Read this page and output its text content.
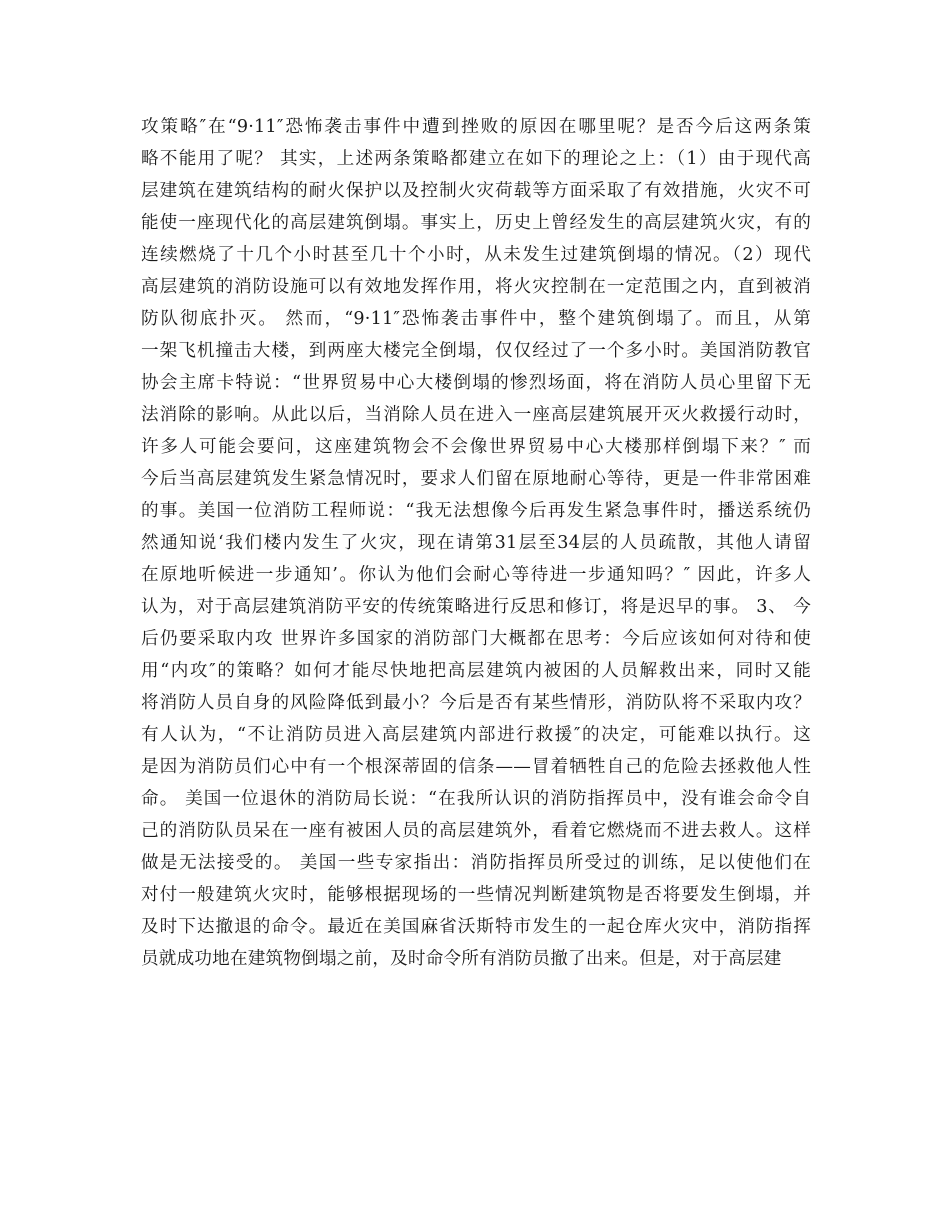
攻策略″在“9·11″恐怖袭击事件中遭到挫败的原因在哪里呢？是否今后这两条策
略不能用了呢？ 其实，上述两条策略都建立在如下的理论之上：（1）由于现代高
层建筑在建筑结构的耐火保护以及控制火灾荷载等方面采取了有效措施，火灾不可
能使一座现代化的高层建筑倒塌。事实上，历史上曾经发生的高层建筑火灾，有的
连续燃烧了十几个小时甚至几十个小时，从未发生过建筑倒塌的情况。（2）现代
高层建筑的消防设施可以有效地发挥作用，将火灾控制在一定范围之内，直到被消
防队彻底扑灭。 然而，“9·11″恐怖袭击事件中，整个建筑倒塌了。而且，从第
一架飞机撞击大楼，到两座大楼完全倒塌，仅仅经过了一个多小时。美国消防教官
协会主席卡特说：“世界贸易中心大楼倒塌的惨烈场面，将在消防人员心里留下无
法消除的影响。从此以后，当消除人员在进入一座高层建筑展开灭火救援行动时，
许多人可能会要问，这座建筑物会不会像世界贸易中心大楼那样倒塌下来？″ 而
今后当高层建筑发生紧急情况时，要求人们留在原地耐心等待，更是一件非常困难
的事。美国一位消防工程师说：“我无法想像今后再发生紧急事件时，播送系统仍
然通知说‘我们楼内发生了火灾，现在请第31层至34层的人员疏散，其他人请留
在原地听候进一步通知’。你认为他们会耐心等待进一步通知吗？″ 因此，许多人
认为，对于高层建筑消防平安的传统策略进行反思和修订，将是迟早的事。 3、 今
后仍要采取内攻 世界许多国家的消防部门大概都在思考：今后应该如何对待和使
用“内攻″的策略？如何才能尽快地把高层建筑内被困的人员解救出来，同时又能
将消防人员自身的风险降低到最小？今后是否有某些情形，消防队将不采取内攻？
有人认为，“不让消防员进入高层建筑内部进行救援″的决定，可能难以执行。这
是因为消防员们心中有一个根深蒂固的信条——冒着牺牲自己的危险去拯救他人性
命。 美国一位退休的消防局长说：“在我所认识的消防指挥员中，没有谁会命令自
己的消防队员呆在一座有被困人员的高层建筑外，看着它燃烧而不进去救人。这样
做是无法接受的。 美国一些专家指出：消防指挥员所受过的训练，足以使他们在
对付一般建筑火灾时，能够根据现场的一些情况判断建筑物是否将要发生倒塌，并
及时下达撤退的命令。最近在美国麻省沃斯特市发生的一起仓库火灾中，消防指挥
员就成功地在建筑物倒塌之前，及时命令所有消防员撤了出来。但是，对于高层建
